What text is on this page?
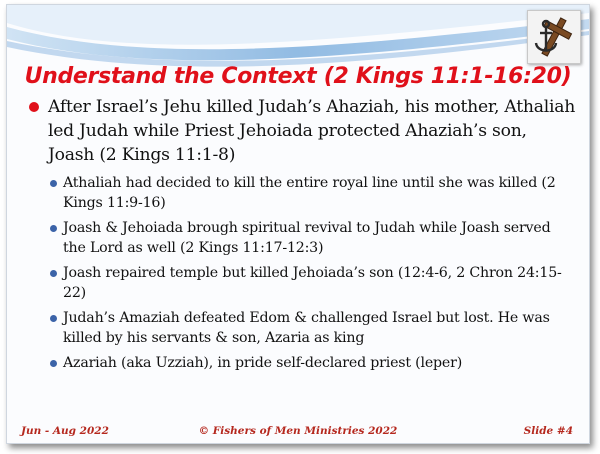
Understand the Context (2 Kings 11:1-16:20)
After Israel’s Jehu killed Judah’s Ahaziah, his mother, Athaliah led Judah while Priest Jehoiada protected Ahaziah’s son, Joash (2 Kings 11:1-8)
Athaliah had decided to kill the entire royal line until she was killed (2 Kings 11:9-16)
Joash & Jehoiada brough spiritual revival to Judah while Joash served the Lord as well (2 Kings 11:17-12:3)
Joash repaired temple but killed Jehoiada’s son (12:4-6, 2 Chron 24:15-22)
Judah’s Amaziah defeated Edom & challenged Israel but lost. He was killed by his servants & son, Azaria as king
Azariah (aka Uzziah), in pride self-declared priest (leper)
Jun - Aug 2022	© Fishers of Men Ministries 2022	Slide #4
